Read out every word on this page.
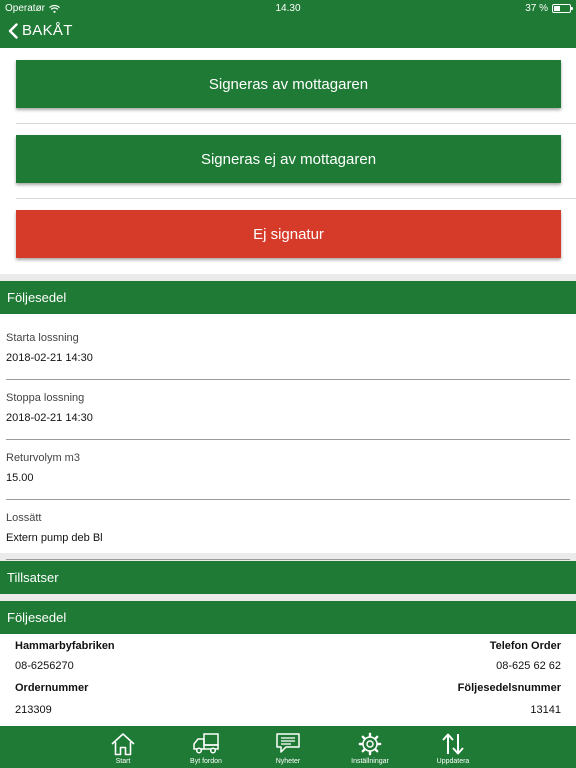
Operatør	14.30	37 %
BAKÅT
Signeras av mottagaren
Signeras ej av mottagaren
Ej signatur
Följesedel
Starta lossning
2018-02-21 14:30
Stoppa lossning
2018-02-21 14:30
Returvolym m3
15.00
Lossätt
Extern pump deb Bl
Tillsatser
Följesedel
Hammarbyfabriken	Telefon Order
08-6256270	08-625 62 62
Ordernummer	Följesedelsnummer
213309	13141
Start	Byt fordon	Nyheter	Inställningar	Uppdatera
